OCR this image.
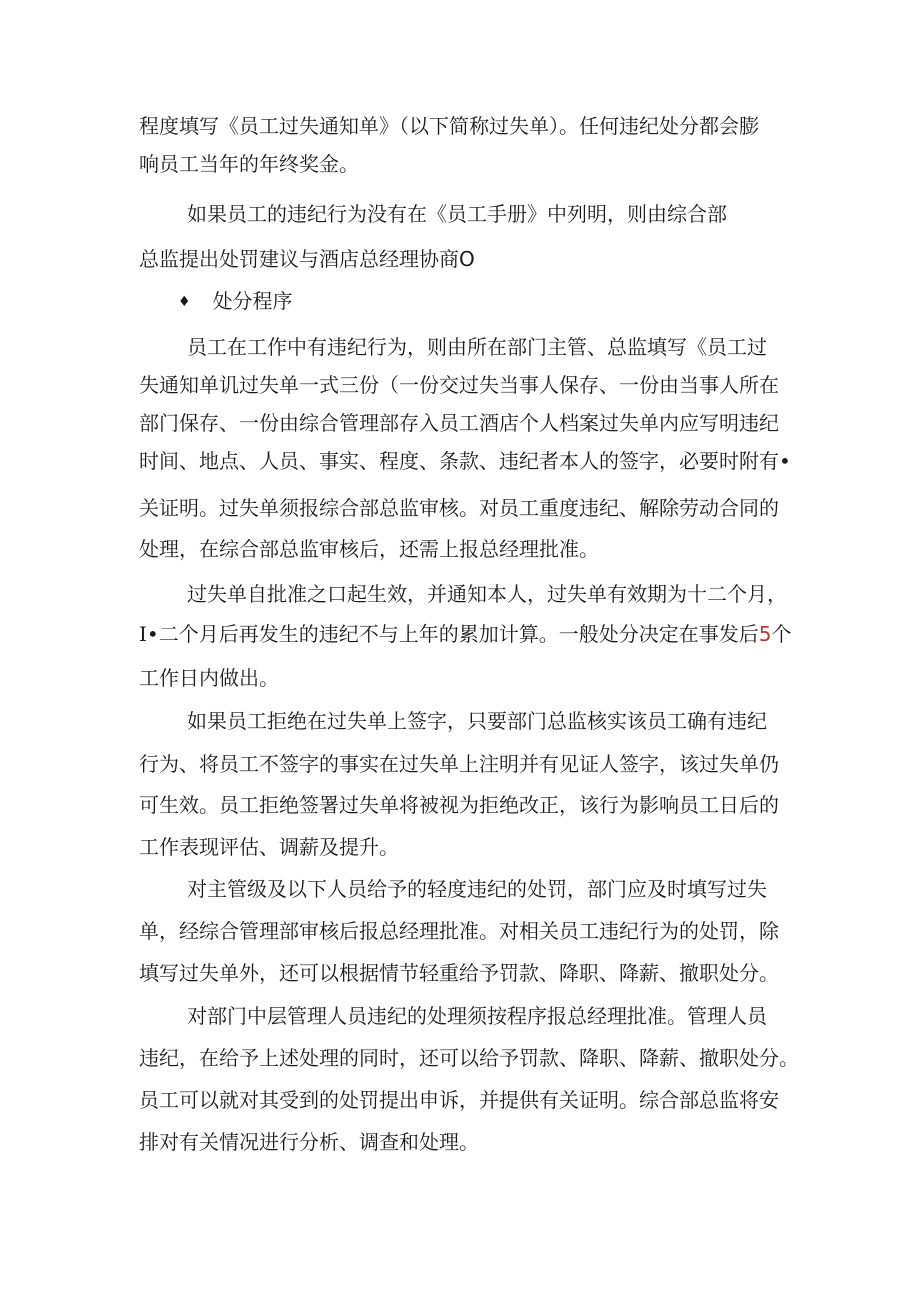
程度填写《员工过失通知单》（以下简称过失单）。任何违纪处分都会膨
响员工当年的年终奖金。
如果员工的违纪行为没有在《员工手册》中列明，则由综合部
总监提出处罚建议与酒店总经理协商O
♦ 处分程序
员工在工作中有违纪行为，则由所在部门主管、总监填写《员工过
失通知单讥过失单一式三份（一份交过失当事人保存、一份由当事人所在
部门保存、一份由综合管理部存入员工酒店个人档案过失单内应写明违纪
时间、地点、人员、事实、程度、条款、违纪者本人的签字，必要时附有•
关证明。过失单须报综合部总监审核。对员工重度违纪、解除劳动合同的
处理，在综合部总监审核后，还需上报总经理批准。
过失单自批准之口起生效，并通知本人，过失单有效期为十二个月，
I•二个月后再发生的违纪不与上年的累加计算。一般处分决定在事发后5个
工作日内做出。
如果员工拒绝在过失单上签字，只要部门总监核实该员工确有违纪
行为、将员工不签字的事实在过失单上注明并有见证人签字，该过失单仍
可生效。员工拒绝签署过失单将被视为拒绝改正，该行为影响员工日后的
工作表现评估、调薪及提升。
对主管级及以下人员给予的轻度违纪的处罚，部门应及时填写过失
单，经综合管理部审核后报总经理批准。对相关员工违纪行为的处罚，除
填写过失单外，还可以根据情节轻重给予罚款、降职、降薪、撤职处分。
对部门中层管理人员违纪的处理须按程序报总经理批准。管理人员
违纪，在给予上述处理的同时，还可以给予罚款、降职、降薪、撤职处分。
员工可以就对其受到的处罚提出申诉，并提供有关证明。综合部总监将安
排对有关情况进行分析、调查和处理。
